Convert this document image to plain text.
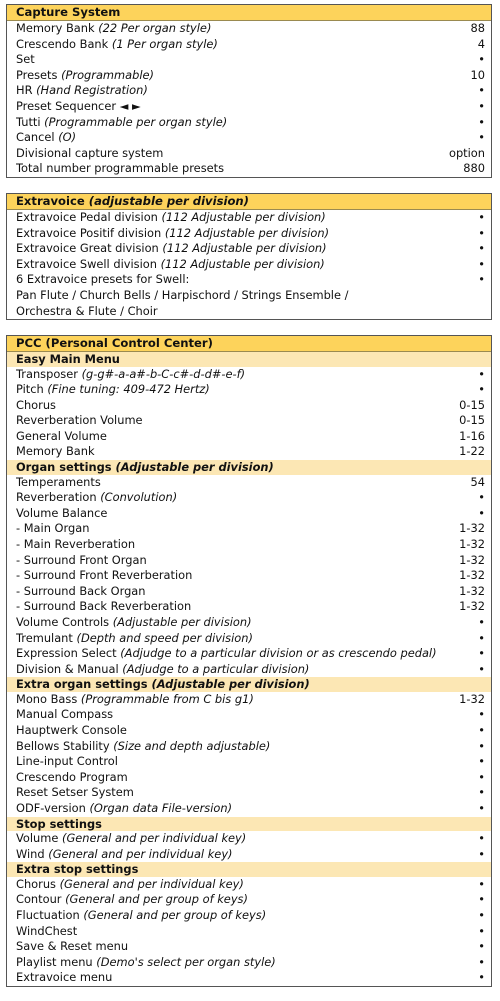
Capture System
Memory Bank (22 Per organ style)	88
Crescendo Bank (1 Per organ style)	4
Set	•
Presets (Programmable)	10
HR (Hand Registration)	•
Preset Sequencer ◄ ►	•
Tutti (Programmable per organ style)	•
Cancel (O)	•
Divisional capture system	option
Total number programmable presets	880
Extravoice (adjustable per division)
Extravoice Pedal division (112 Adjustable per division)	•
Extravoice Positif division (112 Adjustable per division)	•
Extravoice Great division (112 Adjustable per division)	•
Extravoice Swell division (112 Adjustable per division)	•
6 Extravoice presets for Swell:	•
Pan Flute / Church Bells / Harpischord / Strings Ensemble /
Orchestra & Flute / Choir
PCC (Personal Control Center)
Easy Main Menu
Transposer (g-g#-a-a#-b-C-c#-d-d#-e-f)	•
Pitch (Fine tuning: 409-472 Hertz)	•
Chorus	0-15
Reverberation Volume	0-15
General Volume	1-16
Memory Bank	1-22
Organ settings (Adjustable per division)
Temperaments	54
Reverberation (Convolution)	•
Volume Balance	•
- Main Organ	1-32
- Main Reverberation	1-32
- Surround Front Organ	1-32
- Surround Front Reverberation	1-32
- Surround Back Organ	1-32
- Surround Back Reverberation	1-32
Volume Controls (Adjustable per division)	•
Tremulant (Depth and speed per division)	•
Expression Select (Adjudge to a particular division or as crescendo pedal)	•
Division & Manual (Adjudge to a particular division)	•
Extra organ settings (Adjustable per division)
Mono Bass (Programmable from C bis g1)	1-32
Manual Compass	•
Hauptwerk Console	•
Bellows Stability (Size and depth adjustable)	•
Line-input Control	•
Crescendo Program	•
Reset Setser System	•
ODF-version (Organ data File-version)	•
Stop settings
Volume (General and per individual key)	•
Wind (General and per individual key)	•
Extra stop settings
Chorus (General and per individual key)	•
Contour (General and per group of keys)	•
Fluctuation (General and per group of keys)	•
WindChest	•
Save & Reset menu	•
Playlist menu (Demo's select per organ style)	•
Extravoice menu	•
